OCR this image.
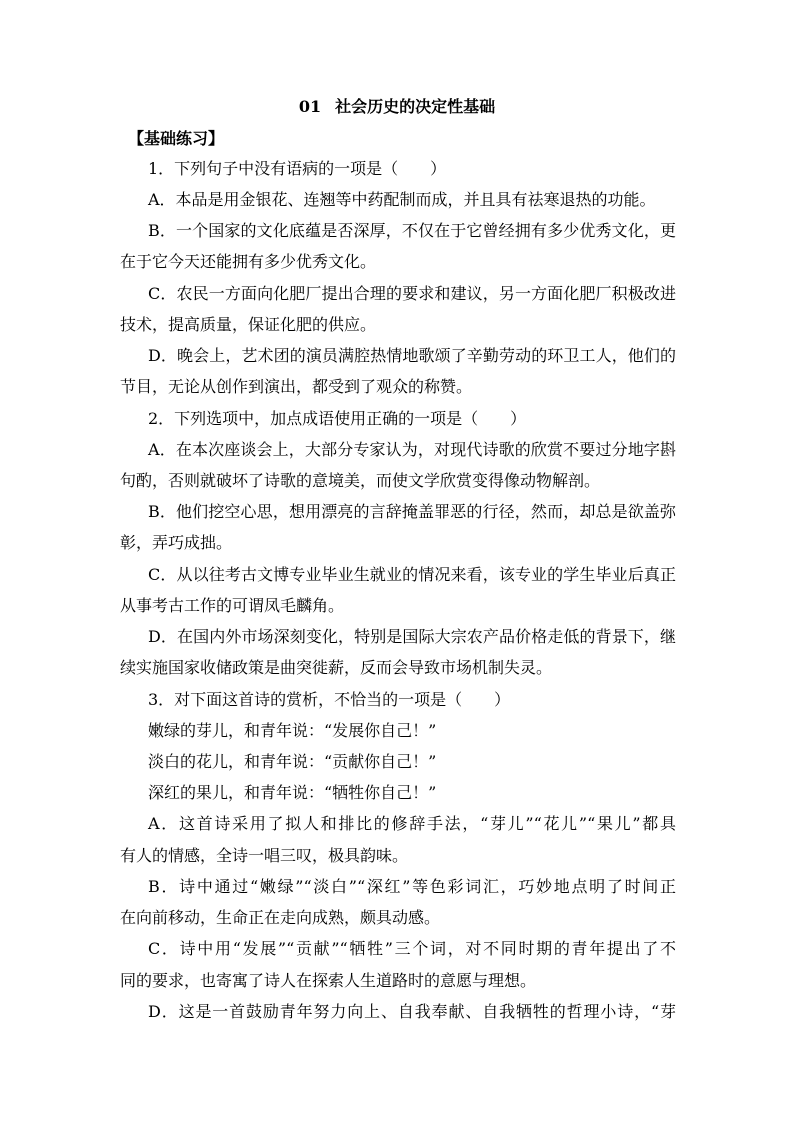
01 社会历史的决定性基础
【基础练习】
1．下列句子中没有语病的一项是（　　）
A．本品是用金银花、连翘等中药配制而成，并且具有祛寒退热的功能。
B．一个国家的文化底蕴是否深厚，不仅在于它曾经拥有多少优秀文化，更
在于它今天还能拥有多少优秀文化。
C．农民一方面向化肥厂提出合理的要求和建议，另一方面化肥厂积极改进
技术，提高质量，保证化肥的供应。
D．晚会上，艺术团的演员满腔热情地歌颂了辛勤劳动的环卫工人，他们的
节目，无论从创作到演出，都受到了观众的称赞。
2．下列选项中，加点成语使用正确的一项是（　　）
A．在本次座谈会上，大部分专家认为，对现代诗歌的欣赏不要过分地字斟
句酌，否则就破坏了诗歌的意境美，而使文学欣赏变得像动物解剖。
B．他们挖空心思，想用漂亮的言辞掩盖罪恶的行径，然而，却总是欲盖弥
彰，弄巧成拙。
C．从以往考古文博专业毕业生就业的情况来看，该专业的学生毕业后真正
从事考古工作的可谓凤毛麟角。
D．在国内外市场深刻变化，特别是国际大宗农产品价格走低的背景下，继
续实施国家收储政策是曲突徙薪，反而会导致市场机制失灵。
3．对下面这首诗的赏析，不恰当的一项是（　　）
嫩绿的芽儿，和青年说：“发展你自己！”
淡白的花儿，和青年说：“贡献你自己！”
深红的果儿，和青年说：“牺牲你自己！”
A．这首诗采用了拟人和排比的修辞手法，“芽儿”“花儿”“果儿”都具
有人的情感，全诗一唱三叹，极具韵味。
B．诗中通过“嫩绿”“淡白”“深红”等色彩词汇，巧妙地点明了时间正
在向前移动，生命正在走向成熟，颇具动感。
C．诗中用“发展”“贡献”“牺牲”三个词，对不同时期的青年提出了不
同的要求，也寄寓了诗人在探索人生道路时的意愿与理想。
D．这是一首鼓励青年努力向上、自我奉献、自我牺牲的哲理小诗，“芽
